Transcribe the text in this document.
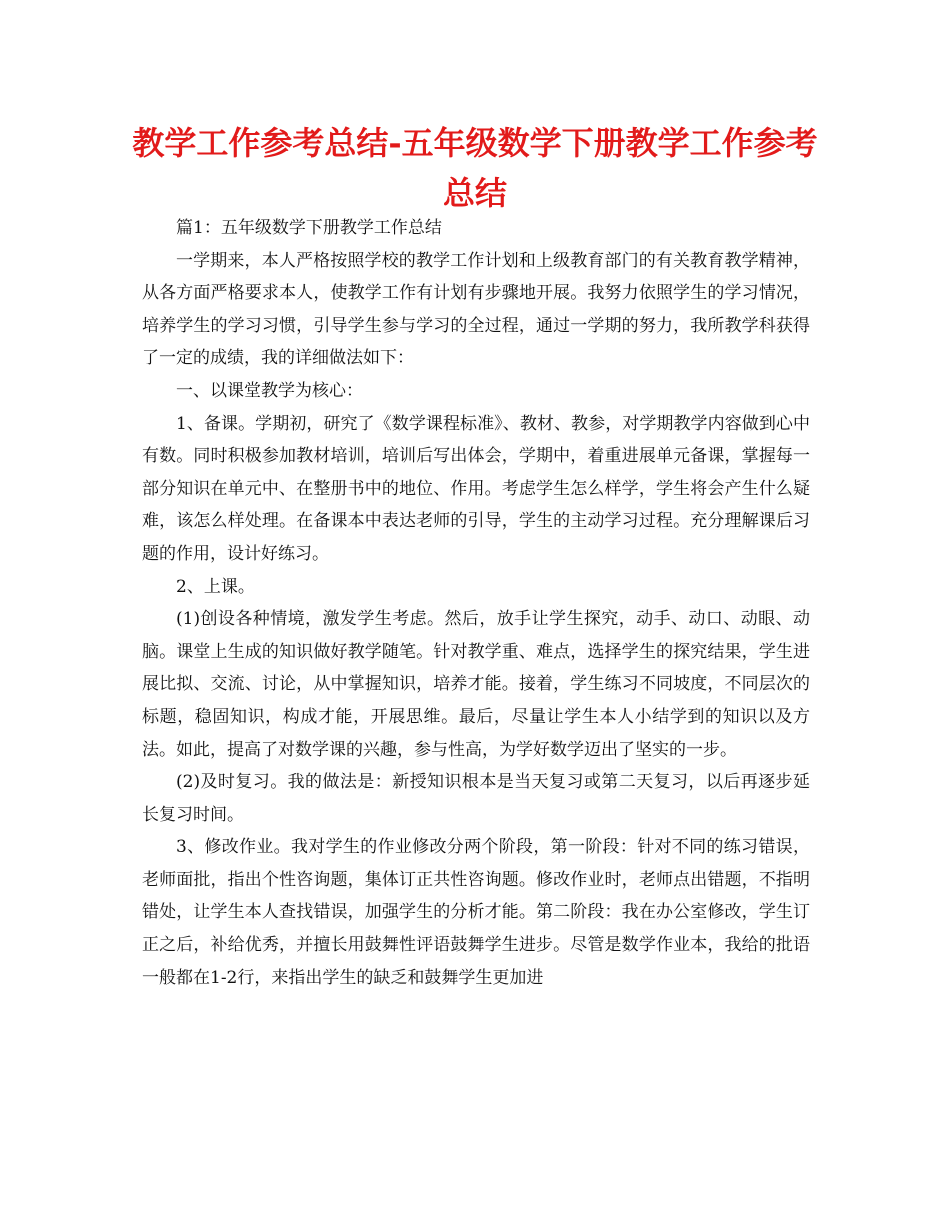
教学工作参考总结-五年级数学下册教学工作参考总结

篇1：五年级数学下册教学工作总结

一学期来，本人严格按照学校的教学工作计划和上级教育部门的有关教育教学精神，从各方面严格要求本人，使教学工作有计划有步骤地开展。我努力依照学生的学习情况，培养学生的学习习惯，引导学生参与学习的全过程，通过一学期的努力，我所教学科获得了一定的成绩，我的详细做法如下：

一、以课堂教学为核心：

1、备课。学期初，研究了《数学课程标准》、教材、教参，对学期教学内容做到心中有数。同时积极参加教材培训，培训后写出体会，学期中，着重进展单元备课，掌握每一部分知识在单元中、在整册书中的地位、作用。考虑学生怎么样学，学生将会产生什么疑难，该怎么样处理。在备课本中表达老师的引导，学生的主动学习过程。充分理解课后习题的作用，设计好练习。

2、上课。

(1)创设各种情境，激发学生考虑。然后，放手让学生探究，动手、动口、动眼、动脑。课堂上生成的知识做好教学随笔。针对教学重、难点，选择学生的探究结果，学生进展比拟、交流、讨论，从中掌握知识，培养才能。接着，学生练习不同坡度，不同层次的标题，稳固知识，构成才能，开展思维。最后，尽量让学生本人小结学到的知识以及方法。如此，提高了对数学课的兴趣，参与性高，为学好数学迈出了坚实的一步。

(2)及时复习。我的做法是：新授知识根本是当天复习或第二天复习，以后再逐步延长复习时间。

3、修改作业。我对学生的作业修改分两个阶段，第一阶段：针对不同的练习错误，老师面批，指出个性咨询题，集体订正共性咨询题。修改作业时，老师点出错题，不指明错处，让学生本人查找错误，加强学生的分析才能。第二阶段：我在办公室修改，学生订正之后，补给优秀，并擅长用鼓舞性评语鼓舞学生进步。尽管是数学作业本，我给的批语一般都在1-2行，来指出学生的缺乏和鼓舞学生更加进
